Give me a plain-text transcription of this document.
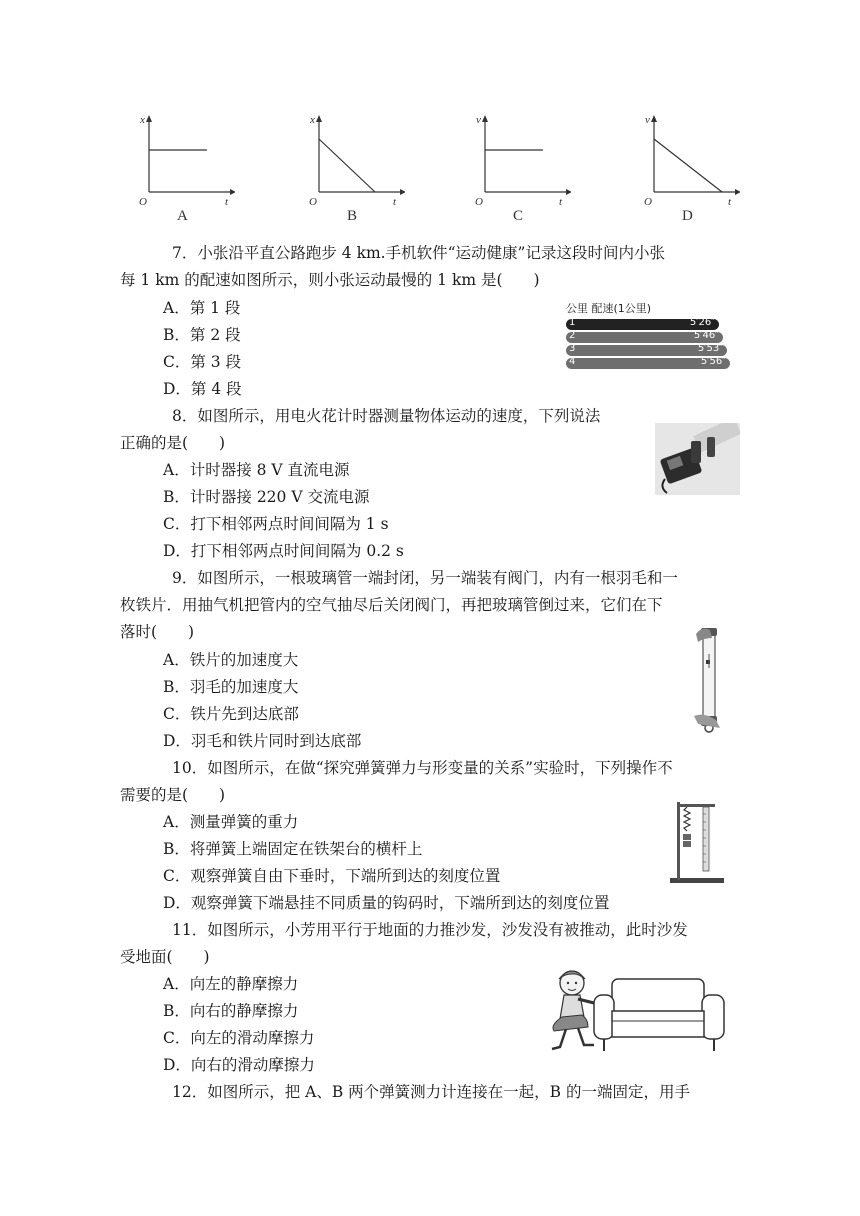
x
t
O
A
x
t
O
B
v
t
O
C
v
t
O
D
7．小张沿平直公路跑步 4 km.手机软件“运动健康”记录这段时间内小张
每 1 km 的配速如图所示，则小张运动最慢的 1 km 是(　　)
A．第 1 段
B．第 2 段
C．第 3 段
D．第 4 段
公里 配速(1公里)
1	5′26″
2	5′46″
3	5′53″
4	5′56″
8．如图所示，用电火花计时器测量物体运动的速度，下列说法
正确的是(　　)
A．计时器接 8 V 直流电源
B．计时器接 220 V 交流电源
C．打下相邻两点时间间隔为 1 s
D．打下相邻两点时间间隔为 0.2 s
9．如图所示，一根玻璃管一端封闭，另一端装有阀门，内有一根羽毛和一
枚铁片．用抽气机把管内的空气抽尽后关闭阀门，再把玻璃管倒过来，它们在下
落时(　　)
A．铁片的加速度大
B．羽毛的加速度大
C．铁片先到达底部
D．羽毛和铁片同时到达底部
10．如图所示，在做“探究弹簧弹力与形变量的关系”实验时，下列操作不
需要的是(　　)
A．测量弹簧的重力
B．将弹簧上端固定在铁架台的横杆上
C．观察弹簧自由下垂时，下端所到达的刻度位置
D．观察弹簧下端悬挂不同质量的钩码时，下端所到达的刻度位置
11．如图所示，小芳用平行于地面的力推沙发，沙发没有被推动，此时沙发
受地面(　　)
A．向左的静摩擦力
B．向右的静摩擦力
C．向左的滑动摩擦力
D．向右的滑动摩擦力
12．如图所示，把 A、B 两个弹簧测力计连接在一起，B 的一端固定，用手
